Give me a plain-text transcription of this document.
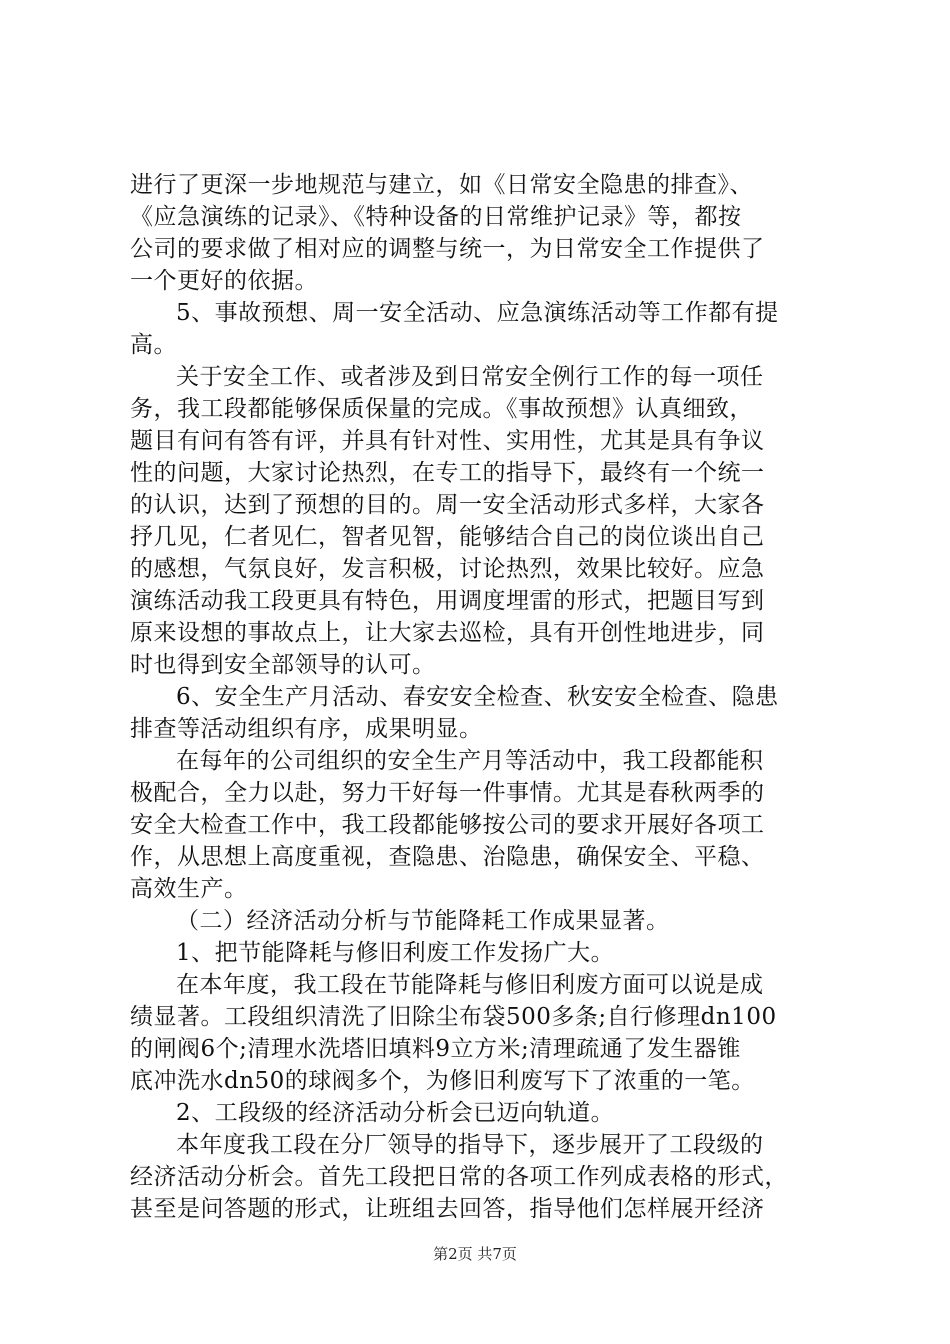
进行了更深一步地规范与建立，如《日常安全隐患的排查》、
《应急演练的记录》、《特种设备的日常维护记录》等，都按
公司的要求做了相对应的调整与统一，为日常安全工作提供了
一个更好的依据。
5、事故预想、周一安全活动、应急演练活动等工作都有提
高。
关于安全工作、或者涉及到日常安全例行工作的每一项任
务，我工段都能够保质保量的完成。《事故预想》认真细致，
题目有问有答有评，并具有针对性、实用性，尤其是具有争议
性的问题，大家讨论热烈，在专工的指导下，最终有一个统一
的认识，达到了预想的目的。周一安全活动形式多样，大家各
抒几见，仁者见仁，智者见智，能够结合自己的岗位谈出自己
的感想，气氛良好，发言积极，讨论热烈，效果比较好。应急
演练活动我工段更具有特色，用调度埋雷的形式，把题目写到
原来设想的事故点上，让大家去巡检，具有开创性地进步，同
时也得到安全部领导的认可。
6、安全生产月活动、春安安全检查、秋安安全检查、隐患
排查等活动组织有序，成果明显。
在每年的公司组织的安全生产月等活动中，我工段都能积
极配合，全力以赴，努力干好每一件事情。尤其是春秋两季的
安全大检查工作中，我工段都能够按公司的要求开展好各项工
作，从思想上高度重视，查隐患、治隐患，确保安全、平稳、
高效生产。
（二）经济活动分析与节能降耗工作成果显著。
1、把节能降耗与修旧利废工作发扬广大。
在本年度，我工段在节能降耗与修旧利废方面可以说是成
绩显著。工段组织清洗了旧除尘布袋500多条;自行修理dn100
的闸阀6个;清理水洗塔旧填料9立方米;清理疏通了发生器锥
底冲洗水dn50的球阀多个，为修旧利废写下了浓重的一笔。
2、工段级的经济活动分析会已迈向轨道。
本年度我工段在分厂领导的指导下，逐步展开了工段级的
经济活动分析会。首先工段把日常的各项工作列成表格的形式，
甚至是问答题的形式，让班组去回答，指导他们怎样展开经济
第2页 共7页
